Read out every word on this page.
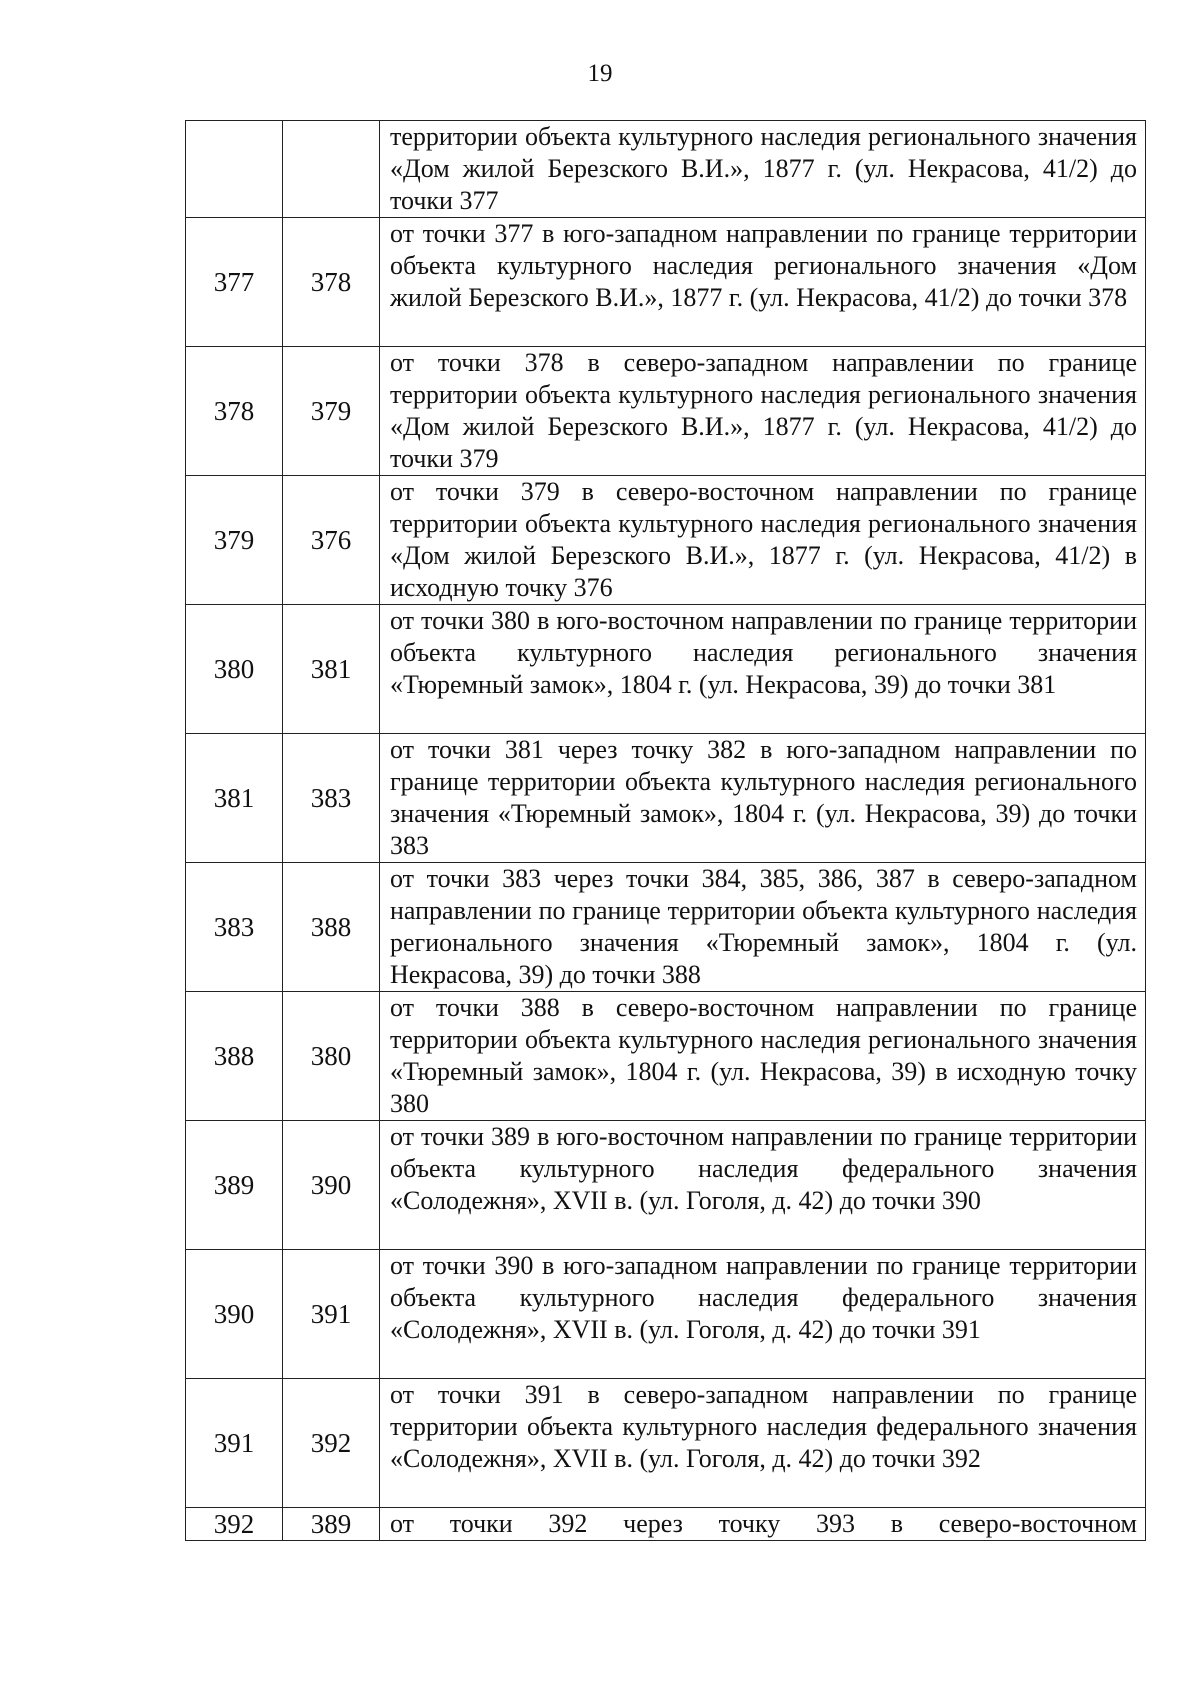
19
		территории объекта культурного наследия регионального значения «Дом жилой Березского В.И.», 1877 г. (ул. Некрасова, 41/2) до точки 377
377	378	от точки 377 в юго-западном направлении по границе территории объекта культурного наследия регионального значения «Дом жилой Березского В.И.», 1877 г. (ул. Некрасова, 41/2) до точки 378
378	379	от точки 378 в северо-западном направлении по границе территории объекта культурного наследия регионального значения «Дом жилой Березского В.И.», 1877 г. (ул. Некрасова, 41/2) до точки 379
379	376	от точки 379 в северо-восточном направлении по границе территории объекта культурного наследия регионального значения «Дом жилой Березского В.И.», 1877 г. (ул. Некрасова, 41/2) в исходную точку 376
380	381	от точки 380 в юго-восточном направлении по границе территории объекта культурного наследия регионального значения «Тюремный замок», 1804 г. (ул. Некрасова, 39) до точки 381
381	383	от точки 381 через точку 382 в юго-западном направлении по границе территории объекта культурного наследия регионального значения «Тюремный замок», 1804 г. (ул. Некрасова, 39) до точки 383
383	388	от точки 383 через точки 384, 385, 386, 387 в северо-западном направлении по границе территории объекта культурного наследия регионального значения «Тюремный замок», 1804 г. (ул. Некрасова, 39) до точки 388
388	380	от точки 388 в северо-восточном направлении по границе территории объекта культурного наследия регионального значения «Тюремный замок», 1804 г. (ул. Некрасова, 39) в исходную точку 380
389	390	от точки 389 в юго-восточном направлении по границе территории объекта культурного наследия федерального значения «Солодежня», XVII в. (ул. Гоголя, д. 42) до точки 390
390	391	от точки 390 в юго-западном направлении по границе территории объекта культурного наследия федерального значения «Солодежня», XVII в. (ул. Гоголя, д. 42) до точки 391
391	392	от точки 391 в северо-западном направлении по границе территории объекта культурного наследия федерального значения «Солодежня», XVII в. (ул. Гоголя, д. 42) до точки 392
392	389	от точки 392 через точку 393 в северо-восточном
